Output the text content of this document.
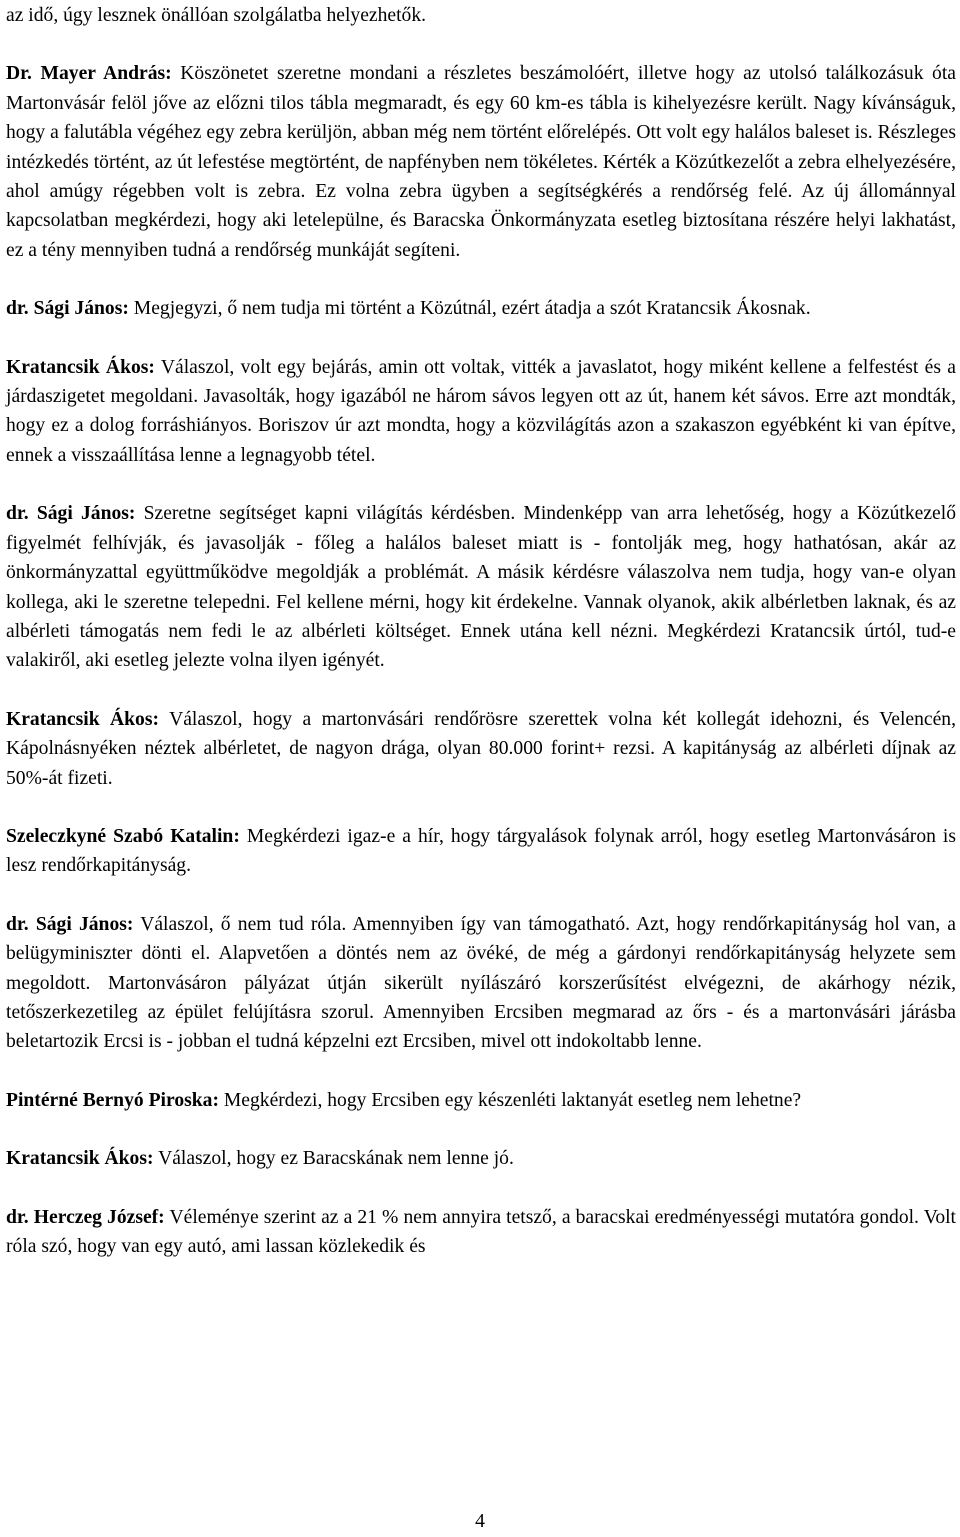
az idő, úgy lesznek önállóan szolgálatba helyezhetők.

Dr. Mayer András: Köszönetet szeretne mondani a részletes beszámolóért, illetve hogy az utolsó találkozásuk óta Martonvásár felöl jőve az előzni tilos tábla megmaradt, és egy 60 km-es tábla is kihelyezésre került. Nagy kívánságuk, hogy a falutábla végéhez egy zebra kerüljön, abban még nem történt előrelépés. Ott volt egy halálos baleset is. Részleges intézkedés történt, az út lefestése megtörtént, de napfényben nem tökéletes. Kérték a Közútkezelőt a zebra elhelyezésére, ahol amúgy régebben volt is zebra. Ez volna zebra ügyben a segítségkérés a rendőrség felé. Az új állománnyal kapcsolatban megkérdezi, hogy aki letelepülne, és Baracska Önkormányzata esetleg biztosítana részére helyi lakhatást, ez a tény mennyiben tudná a rendőrség munkáját segíteni.

dr. Sági János: Megjegyzi, ő nem tudja mi történt a Közútnál, ezért átadja a szót Kratancsik Ákosnak.

Kratancsik Ákos: Válaszol, volt egy bejárás, amin ott voltak, vitték a javaslatot, hogy miként kellene a felfestést és a járdaszigetet megoldani. Javasolták, hogy igazából ne három sávos legyen ott az út, hanem két sávos. Erre azt mondták, hogy ez a dolog forráshiányos. Boriszov úr azt mondta, hogy a közvilágítás azon a szakaszon egyébként ki van építve, ennek a visszaállítása lenne a legnagyobb tétel.

dr. Sági János: Szeretne segítséget kapni világítás kérdésben. Mindenképp van arra lehetőség, hogy a Közútkezelő figyelmét felhívják, és javasolják - főleg a halálos baleset miatt is - fontolják meg, hogy hathatósan, akár az önkormányzattal együttműködve megoldják a problémát. A másik kérdésre válaszolva nem tudja, hogy van-e olyan kollega, aki le szeretne telepedni. Fel kellene mérni, hogy kit érdekelne. Vannak olyanok, akik albérletben laknak, és az albérleti támogatás nem fedi le az albérleti költséget. Ennek utána kell nézni. Megkérdezi Kratancsik úrtól, tud-e valakiről, aki esetleg jelezte volna ilyen igényét.

Kratancsik Ákos: Válaszol, hogy a martonvásári rendőrösre szerettek volna két kollegát idehozni, és Velencén, Kápolnásnyéken néztek albérletet, de nagyon drága, olyan 80.000 forint+ rezsi. A kapitányság az albérleti díjnak az 50%-át fizeti.

Szeleczkyné Szabó Katalin: Megkérdezi igaz-e a hír, hogy tárgyalások folynak arról, hogy esetleg Martonvásáron is lesz rendőrkapitányság.

dr. Sági János: Válaszol, ő nem tud róla. Amennyiben így van támogatható. Azt, hogy rendőrkapitányság hol van, a belügyminiszter dönti el. Alapvetően a döntés nem az övéké, de még a gárdonyi rendőrkapitányság helyzete sem megoldott. Martonvásáron pályázat útján sikerült nyílászáró korszerűsítést elvégezni, de akárhogy nézik, tetőszerkezetileg az épület felújításra szorul. Amennyiben Ercsiben megmarad az őrs - és a martonvásári járásba beletartozik Ercsi is - jobban el tudná képzelni ezt Ercsiben, mivel ott indokoltabb lenne.

Pintérné Bernyó Piroska: Megkérdezi, hogy Ercsiben egy készenléti laktanyát esetleg nem lehetne?

Kratancsik Ákos: Válaszol, hogy ez Baracskának nem lenne jó.

dr. Herczeg József: Véleménye szerint az a 21 % nem annyira tetsző, a baracskai eredményességi mutatóra gondol. Volt róla szó, hogy van egy autó, ami lassan közlekedik és

4
